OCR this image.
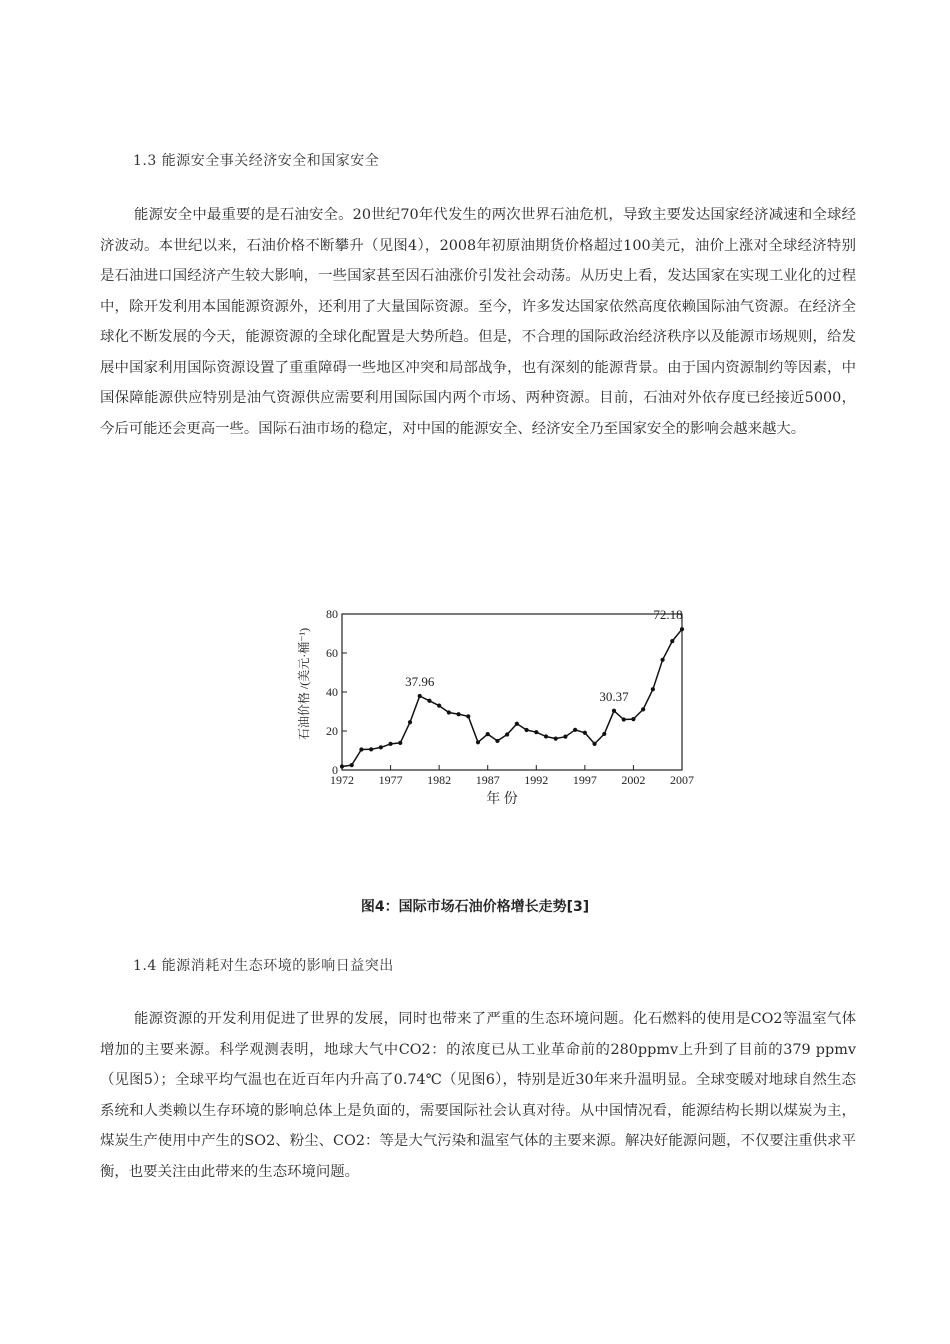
1.3 能源安全事关经济安全和国家安全
能源安全中最重要的是石油安全。20世纪70年代发生的两次世界石油危机，导致主要发达国家经济减速和全球经济波动。本世纪以来，石油价格不断攀升（见图4），2008年初原油期货价格超过100美元，油价上涨对全球经济特别是石油进口国经济产生较大影响，一些国家甚至因石油涨价引发社会动荡。从历史上看，发达国家在实现工业化的过程中，除开发利用本国能源资源外，还利用了大量国际资源。至今，许多发达国家依然高度依赖国际油气资源。在经济全球化不断发展的今天，能源资源的全球化配置是大势所趋。但是，不合理的国际政治经济秩序以及能源市场规则，给发展中国家利用国际资源设置了重重障碍一些地区冲突和局部战争，也有深刻的能源背景。由于国内资源制约等因素，中国保障能源供应特别是油气资源供应需要利用国际国内两个市场、两种资源。目前，石油对外依存度已经接近5000，今后可能还会更高一些。国际石油市场的稳定，对中国的能源安全、经济安全乃至国家安全的影响会越来越大。
0
20
40
60
80
1972 1977 1982 1987 1992 1997 2002 2007
年 份
石油价格 /(美元·桶⁻¹)	37.96
30.37
72.18
图4：国际市场石油价格增长走势[3]
1.4 能源消耗对生态环境的影响日益突出
能源资源的开发利用促进了世界的发展，同时也带来了严重的生态环境问题。化石燃料的使用是CO2等温室气体增加的主要来源。科学观测表明，地球大气中CO2：的浓度已从工业革命前的280ppmv上升到了目前的379 ppmv（见图5）；全球平均气温也在近百年内升高了0.74℃（见图6），特别是近30年来升温明显。全球变暖对地球自然生态系统和人类赖以生存环境的影响总体上是负面的，需要国际社会认真对待。从中国情况看，能源结构长期以煤炭为主，煤炭生产使用中产生的SO2、粉尘、CO2：等是大气污染和温室气体的主要来源。解决好能源问题，不仅要注重供求平衡，也要关注由此带来的生态环境问题。
